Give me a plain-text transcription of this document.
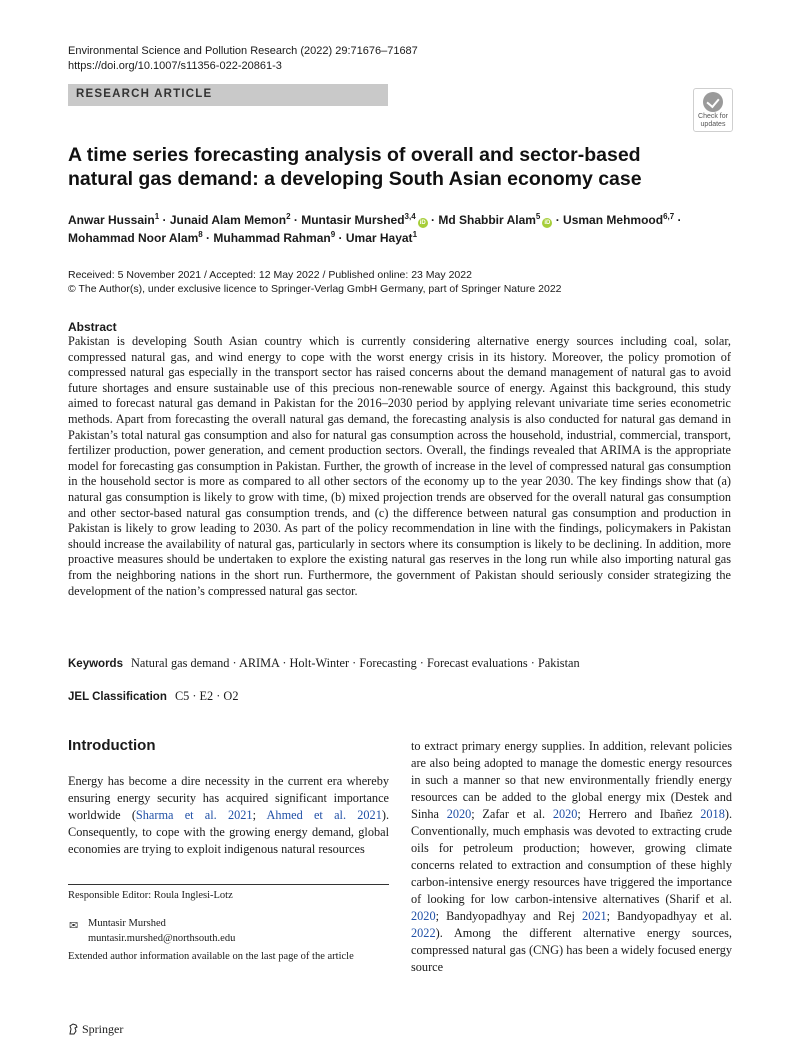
Environmental Science and Pollution Research (2022) 29:71676–71687
https://doi.org/10.1007/s11356-022-20861-3
RESEARCH ARTICLE
Check for
updates
A time series forecasting analysis of overall and sector-based natural gas demand: a developing South Asian economy case
Anwar Hussain$^1$ · Junaid Alam Memon$^2$ · Muntasir Murshed$^{3,4}$iD · Md Shabbir Alam$^5$iD · Usman Mehmood$^{6,7}$ ·
Mohammad Noor Alam$^8$ · Muhammad Rahman$^9$ · Umar Hayat$^1$
Received: 5 November 2021 / Accepted: 12 May 2022 / Published online: 23 May 2022
© The Author(s), under exclusive licence to Springer-Verlag GmbH Germany, part of Springer Nature 2022
Abstract
Pakistan is developing South Asian country which is currently considering alternative energy sources including coal, solar, compressed natural gas, and wind energy to cope with the worst energy crisis in its history. Moreover, the policy promotion of compressed natural gas especially in the transport sector has raised concerns about the demand management of natural gas to avoid future shortages and ensure sustainable use of this precious non-renewable source of energy. Against this background, this study aimed to forecast natural gas demand in Pakistan for the 2016–2030 period by applying relevant univariate time series econometric methods. Apart from forecasting the overall natural gas demand, the forecasting analysis is also conducted for natural gas demand in Pakistan’s total natural gas consumption and also for natural gas consumption across the household, industrial, commercial, transport, fertilizer production, power generation, and cement production sectors. Overall, the findings revealed that ARIMA is the appropriate model for forecasting gas consumption in Pakistan. Further, the growth of increase in the level of compressed natural gas consumption in the household sector is more as compared to all other sectors of the economy up to the year 2030. The key findings show that (a) natural gas consumption is likely to grow with time, (b) mixed projection trends are observed for the overall natural gas consumption and other sector-based natural gas consumption trends, and (c) the difference between natural gas consumption and production in Pakistan is likely to grow leading to 2030. As part of the policy recommendation in line with the findings, policymakers in Pakistan should increase the availability of natural gas, particularly in sectors where its consumption is likely to be declining. In addition, more proactive measures should be undertaken to explore the existing natural gas reserves in the long run while also importing natural gas from the neighboring nations in the short run. Furthermore, the government of Pakistan should seriously consider strategizing the development of the nation’s compressed natural gas sector.
Keywords Natural gas demand · ARIMA · Holt-Winter · Forecasting · Forecast evaluations · Pakistan
JEL Classification C5 · E2 · O2
Introduction
Energy has become a dire necessity in the current era whereby ensuring energy security has acquired significant importance worldwide (Sharma et al. 2021; Ahmed et al. 2021). Consequently, to cope with the growing energy demand, global economies are trying to exploit indigenous natural resources
to extract primary energy supplies. In addition, relevant policies are also being adopted to manage the domestic energy resources in such a manner so that new environmentally friendly energy resources can be added to the global energy mix (Destek and Sinha 2020; Zafar et al. 2020; Herrero and Ibañez 2018). Conventionally, much emphasis was devoted to extracting crude oils for petroleum production; however, growing climate concerns related to extraction and consumption of these highly carbon-intensive energy resources have triggered the importance of looking for low carbon-intensive alternatives (Sharif et al. 2020; Bandyopadhyay and Rej 2021; Bandyopadhyay et al. 2022). Among the different alternative energy sources, compressed natural gas (CNG) has been a widely focused energy source
Responsible Editor: Roula Inglesi-Lotz
✉ Muntasir Murshed
muntasir.murshed@northsouth.edu
Extended author information available on the last page of the article
Springer
